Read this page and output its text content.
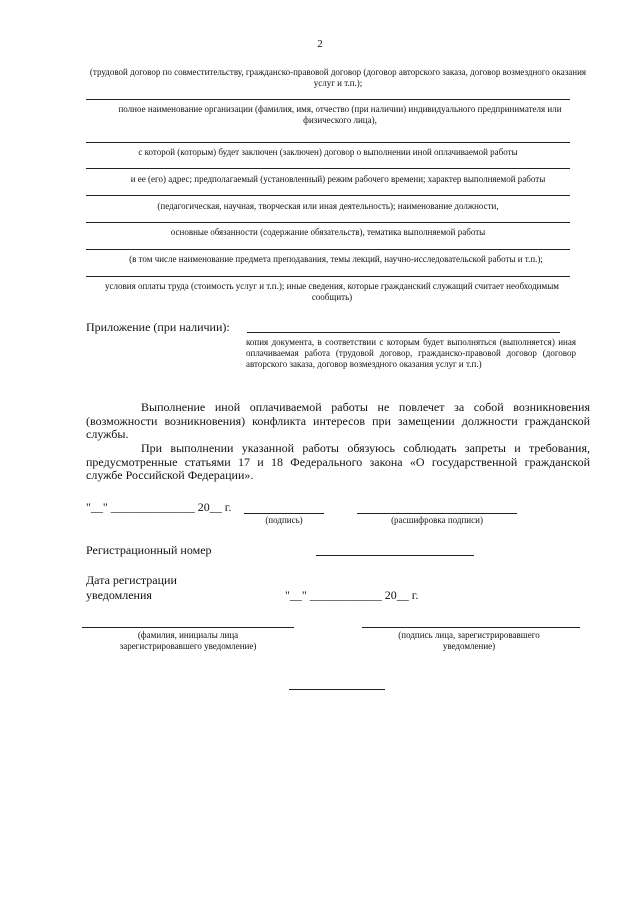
2
(трудовой договор по совместительству, гражданско-правовой договор (договор авторского заказа, договор возмездного оказания услуг и т.п.);
полное наименование организации (фамилия, имя, отчество (при наличии) индивидуального предпринимателя или физического лица),
с которой (которым) будет заключен (заключен) договор о выполнении иной оплачиваемой работы
и ее (его) адрес; предполагаемый (установленный) режим рабочего времени; характер выполняемой работы
(педагогическая, научная, творческая или иная деятельность); наименование должности,
основные обязанности (содержание обязательств), тематика выполняемой работы
(в том числе наименование предмета преподавания, темы лекций, научно-исследовательской работы и т.п.);
условия оплаты труда (стоимость услуг и т.п.); иные сведения, которые гражданский служащий считает необходимым сообщить)
Приложение (при наличии):
копия документа, в соответствии с которым будет выполняться (выполняется) иная оплачиваемая работа (трудовой договор, гражданско-правовой договор (договор авторского заказа, договор возмездного оказания услуг и т.п.)
Выполнение иной оплачиваемой работы не повлечет за собой возникновения (возможности возникновения) конфликта интересов при замещении должности гражданской службы.
При выполнении указанной работы обязуюсь соблюдать запреты и требования, предусмотренные статьями 17 и 18 Федерального закона «О государственной гражданской службе Российской Федерации».
"__" ______________ 20__ г.
(подпись)	(расшифровка подписи)
Регистрационный номер
Дата регистрации
уведомления	"__" ____________ 20__ г.
(фамилия, инициалы лица зарегистрировавшего уведомление)
(подпись лица, зарегистрировавшего уведомление)
